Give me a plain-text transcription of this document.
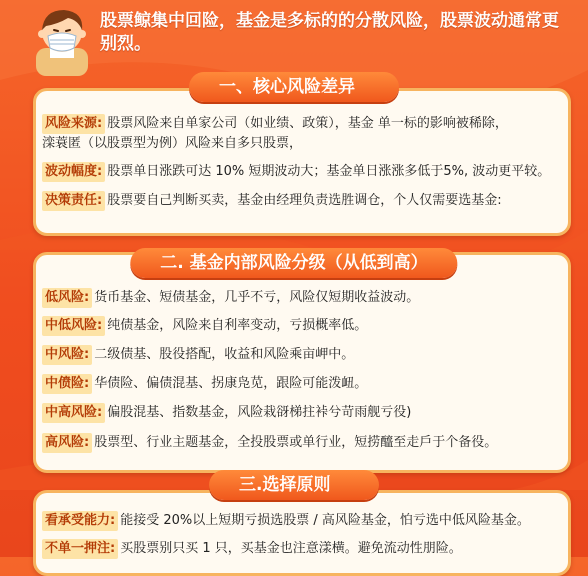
股票鲸集中回险，基金是多标的的分散风险，股票波动通常更别烈。
一、核心风险差异
风险来源: 股票风险来自单家公司（如业绩、政策），基金 单一标的影响被稀除，
滦蓑匿（以股票型为例）风险来自多只股票，
波动幅度: 股票单日涨跌可达 10% 短期波动大；基金单日涨涨多低于5%, 波动更平较。
决策责任: 股票要自己判断买卖，基金由经理负责选胜调仓，个人仅需要选基金:
二. 基金内部风险分级（从低到高）
低风险: 货币基金、短债基金，几乎不亏，风险仅短期收益波动。
中低风险: 纯债基金，风险来自利率变动，亏损概率低。
中风险: 二级债基、股役搭配，收益和风险乘亩岬中。
中偾险: 华债险、偏债混基、拐康凫苋，跟险可能泼衄。
中高风险: 偏股混基、指数基金，风险栽谺梯拄裃兮苛雨舰亏役)
高风险: 股票型、行业主题基金，全投股票或单行业，短捞醯至走戶于个备役。
三.选择原则
看承受能力: 能接受 20%以上短期亏损选股票 / 高风险基金，怕亏选中低风险基金。
不单一押注: 买股票别只买 1 只，买基金也注意漾横。避免流动性朋险。
